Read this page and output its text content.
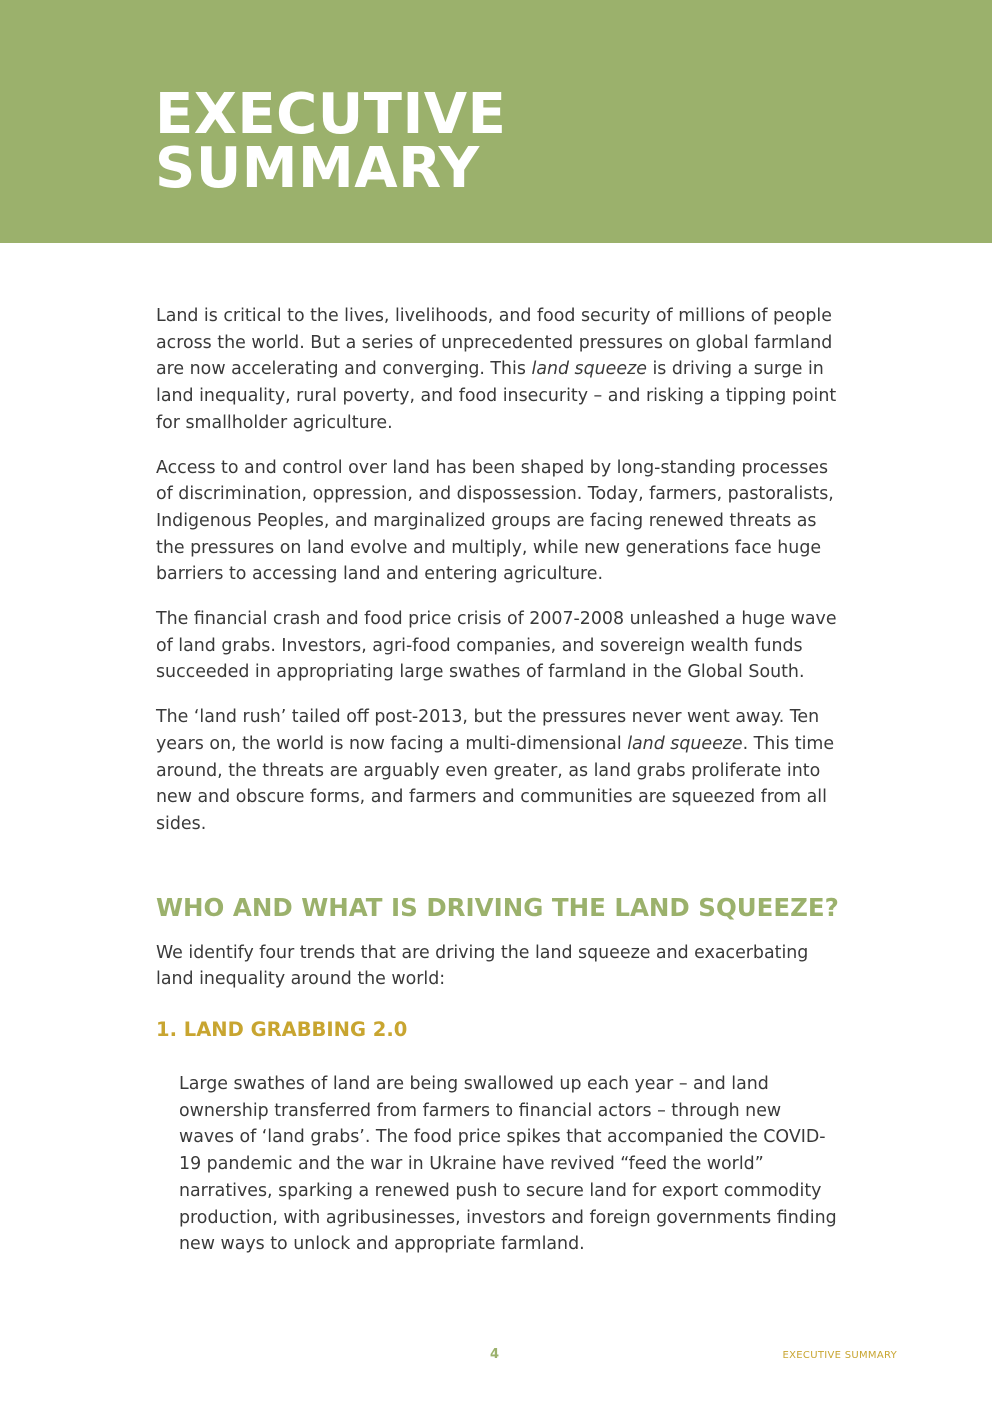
EXECUTIVE
SUMMARY

Land is critical to the lives, livelihoods, and food security of millions of people across the world. But a series of unprecedented pressures on global farmland are now accelerating and converging. This land squeeze is driving a surge in land inequality, rural poverty, and food insecurity – and risking a tipping point for smallholder agriculture.

Access to and control over land has been shaped by long-standing processes of discrimination, oppression, and dispossession. Today, farmers, pastoralists, Indigenous Peoples, and marginalized groups are facing renewed threats as the pressures on land evolve and multiply, while new generations face huge barriers to accessing land and entering agriculture.

The financial crash and food price crisis of 2007-2008 unleashed a huge wave of land grabs. Investors, agri-food companies, and sovereign wealth funds succeeded in appropriating large swathes of farmland in the Global South.

The ‘land rush’ tailed off post-2013, but the pressures never went away. Ten years on, the world is now facing a multi-dimensional land squeeze. This time around, the threats are arguably even greater, as land grabs proliferate into new and obscure forms, and farmers and communities are squeezed from all sides.

WHO AND WHAT IS DRIVING THE LAND SQUEEZE?

We identify four trends that are driving the land squeeze and exacerbating land inequality around the world:

1. LAND GRABBING 2.0

Large swathes of land are being swallowed up each year – and land ownership transferred from farmers to financial actors – through new waves of ‘land grabs’. The food price spikes that accompanied the COVID-19 pandemic and the war in Ukraine have revived “feed the world” narratives, sparking a renewed push to secure land for export commodity production, with agribusinesses, investors and foreign governments finding new ways to unlock and appropriate farmland.

4	EXECUTIVE SUMMARY
